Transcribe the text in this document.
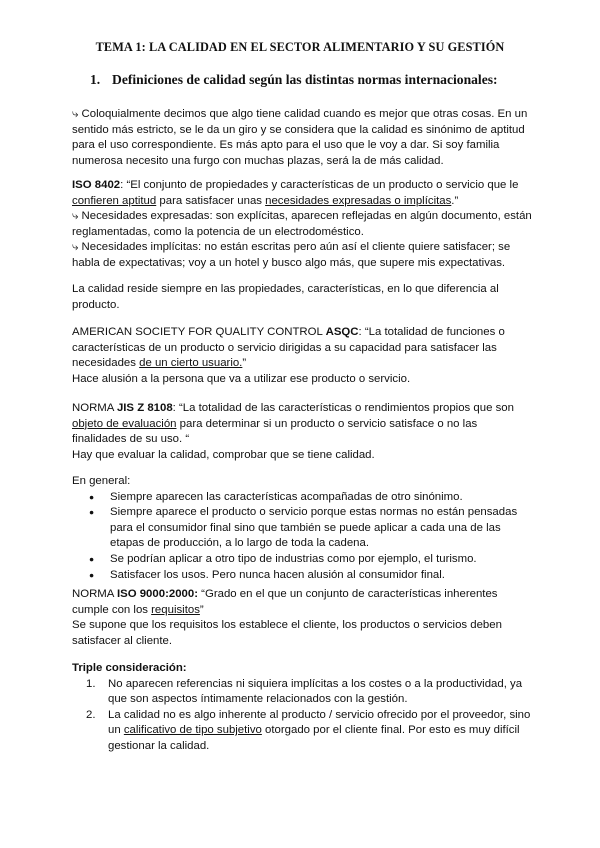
TEMA 1: LA CALIDAD EN EL SECTOR ALIMENTARIO Y SU GESTIÓN
1. Definiciones de calidad según las distintas normas internacionales:

⤷ Coloquialmente decimos que algo tiene calidad cuando es mejor que otras cosas. En un sentido más estricto, se le da un giro y se considera que la calidad es sinónimo de aptitud para el uso correspondiente. Es más apto para el uso que le voy a dar. Si soy familia numerosa necesito una furgo con muchas plazas, será la de más calidad.

ISO 8402: “El conjunto de propiedades y características de un producto o servicio que le confieren aptitud para satisfacer unas necesidades expresadas o implícitas.”

⤷ Necesidades expresadas: son explícitas, aparecen reflejadas en algún documento, están reglamentadas, como la potencia de un electrodoméstico.

⤷ Necesidades implícitas: no están escritas pero aún así el cliente quiere satisfacer; se habla de expectativas; voy a un hotel y busco algo más, que supere mis expectativas.

La calidad reside siempre en las propiedades, características, en lo que diferencia al producto.

AMERICAN SOCIETY FOR QUALITY CONTROL ASQC: “La totalidad de funciones o características de un producto o servicio dirigidas a su capacidad para satisfacer las necesidades de un cierto usuario.”

Hace alusión a la persona que va a utilizar ese producto o servicio.

NORMA JIS Z 8108: “La totalidad de las características o rendimientos propios que son objeto de evaluación para determinar si un producto o servicio satisface o no las finalidades de su uso. “

Hay que evaluar la calidad, comprobar que se tiene calidad.

En general:

● Siempre aparecen las características acompañadas de otro sinónimo.
● Siempre aparece el producto o servicio porque estas normas no están pensadas para el consumidor final sino que también se puede aplicar a cada una de las etapas de producción, a lo largo de toda la cadena.
● Se podrían aplicar a otro tipo de industrias como por ejemplo, el turismo.
● Satisfacer los usos. Pero nunca hacen alusión al consumidor final.

NORMA ISO 9000:2000: “Grado en el que un conjunto de características inherentes cumple con los requisitos”

Se supone que los requisitos los establece el cliente, los productos o servicios deben satisfacer al cliente.

Triple consideración:

1. No aparecen referencias ni siquiera implícitas a los costes o a la productividad, ya que son aspectos íntimamente relacionados con la gestión.
2. La calidad no es algo inherente al producto / servicio ofrecido por el proveedor, sino un calificativo de tipo subjetivo otorgado por el cliente final. Por esto es muy difícil gestionar la calidad.
